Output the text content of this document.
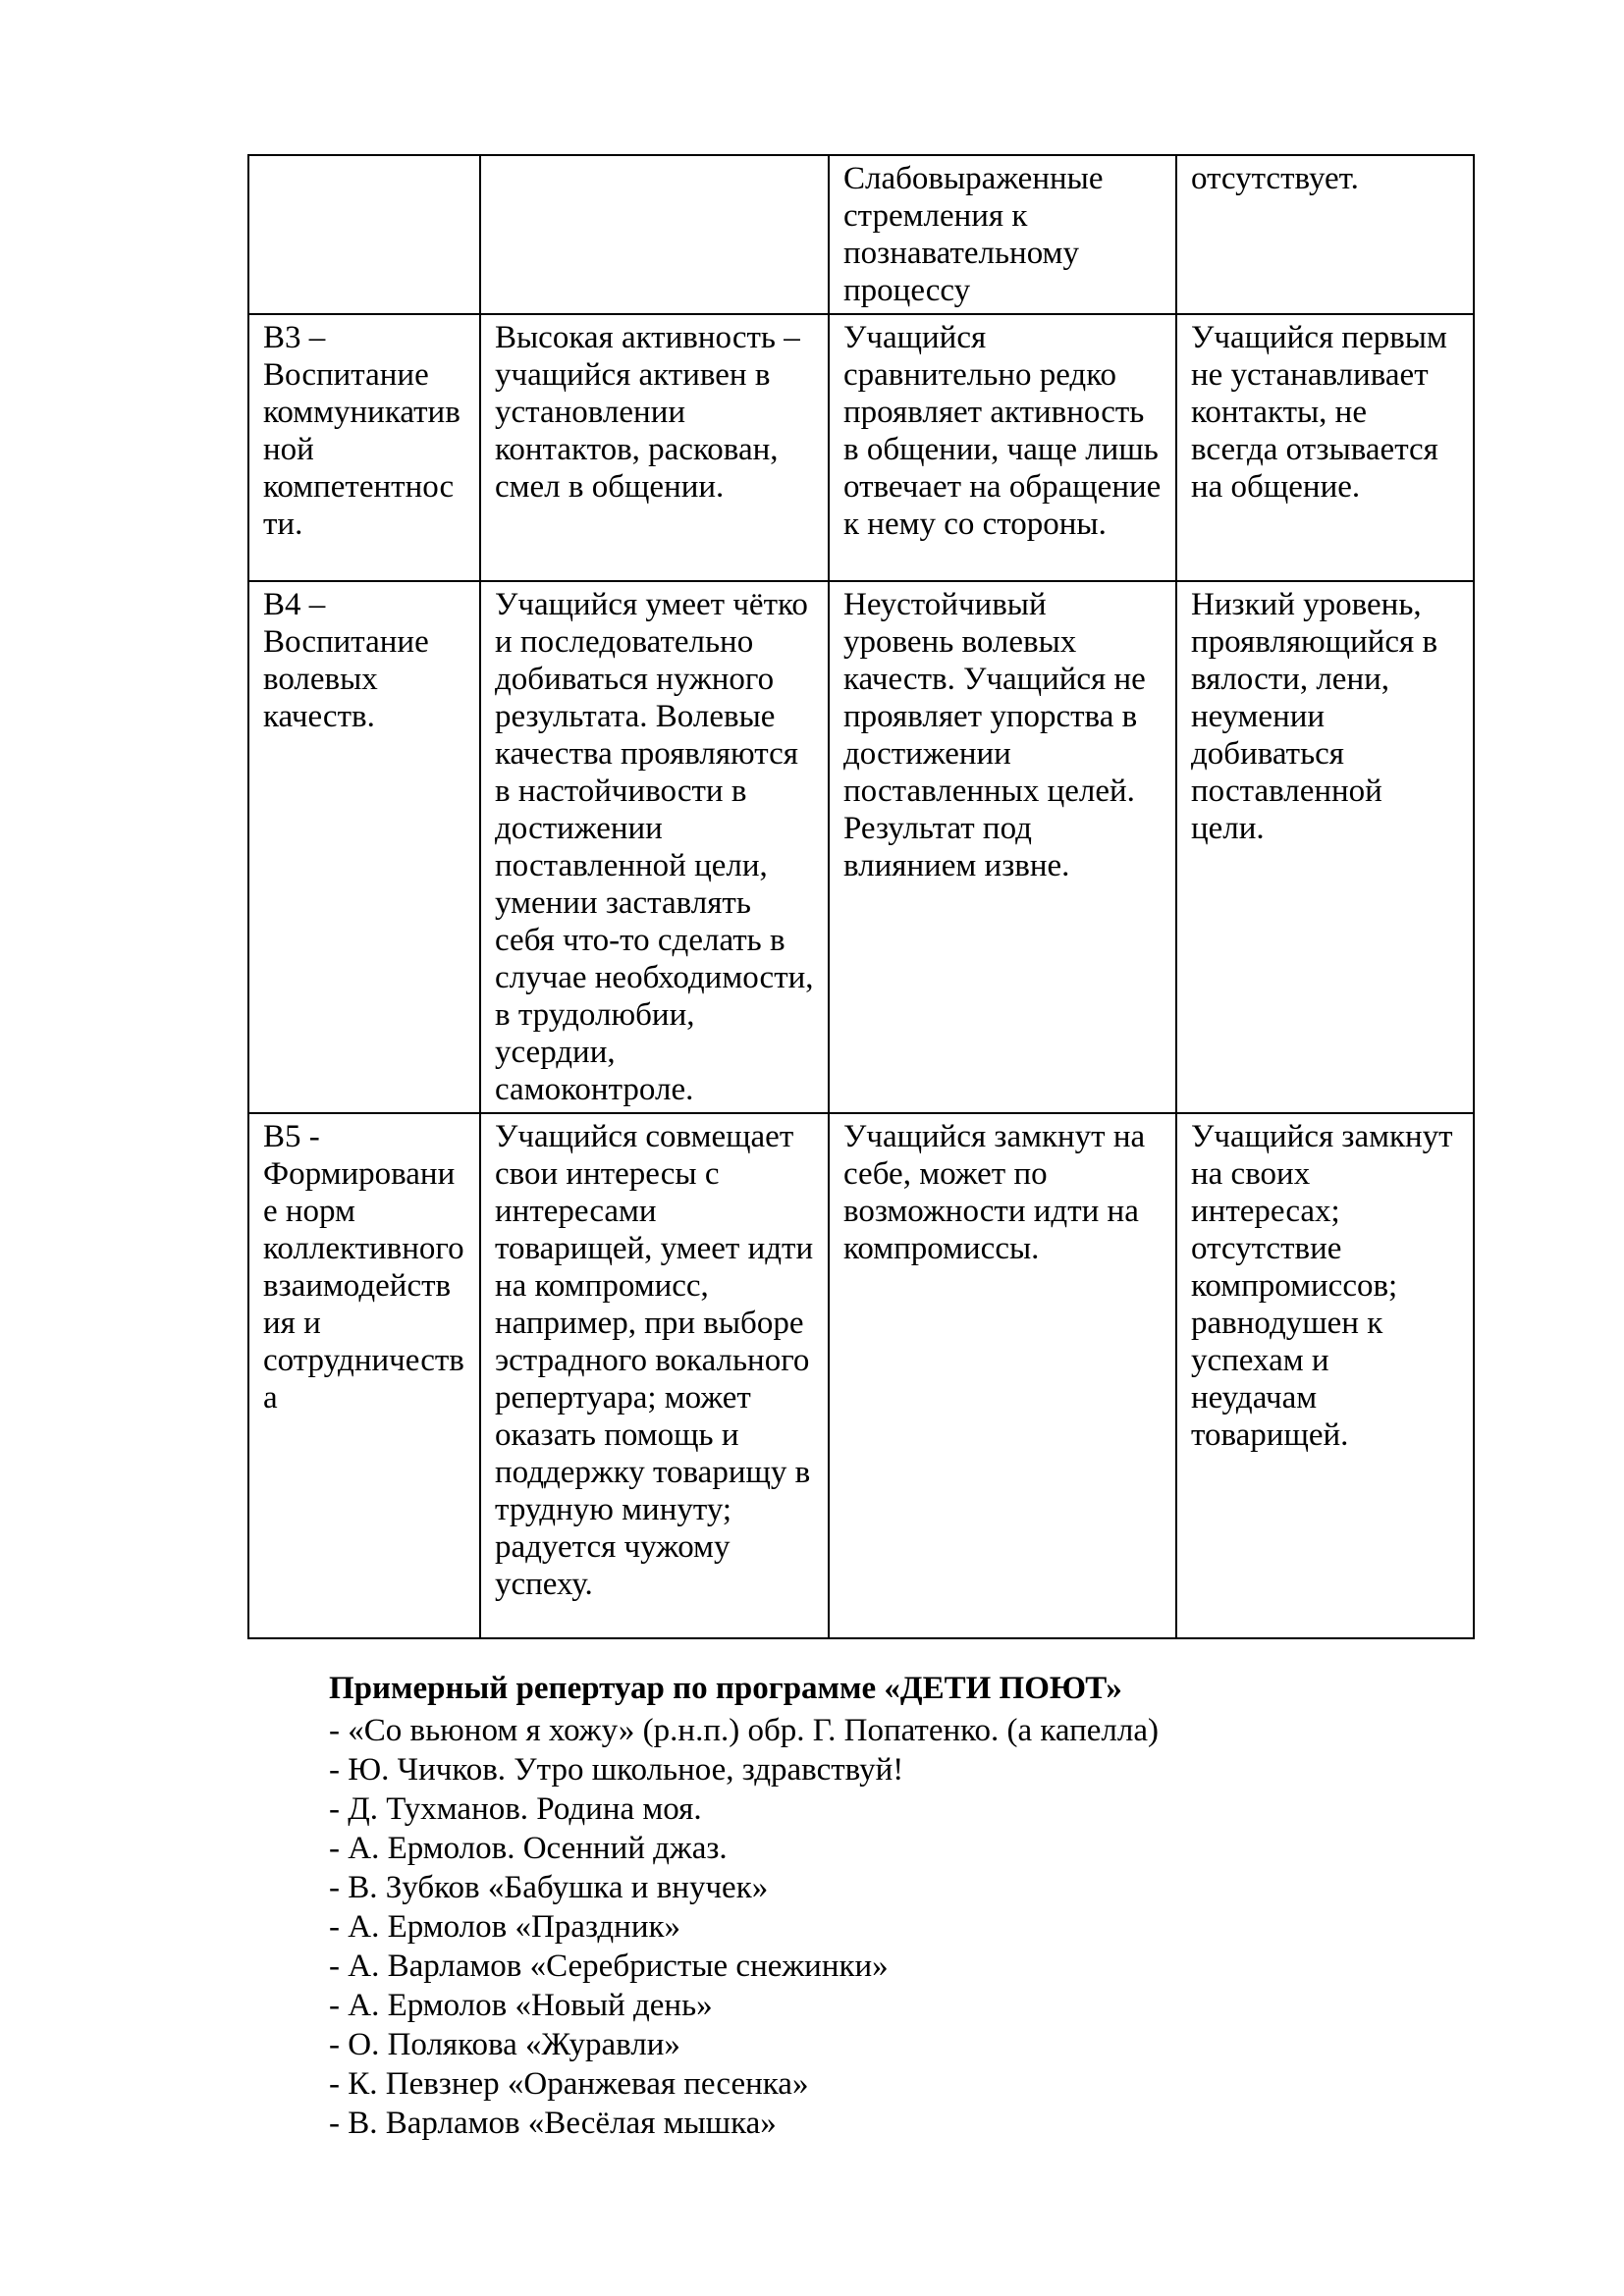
		Слабовыраженные стремления к познавательному процессу	отсутствует.
В3 – Воспитание коммуникативной компетентности.	Высокая активность – учащийся активен в установлении контактов, раскован, смел в общении.	Учащийся сравнительно редко проявляет активность в общении, чаще лишь отвечает на обращение к нему со стороны.	Учащийся первым не устанавливает контакты, не всегда отзывается на общение.
В4 – Воспитание волевых качеств.	Учащийся умеет чётко и последовательно добиваться нужного результата. Волевые качества проявляются в настойчивости в достижении поставленной цели, умении заставлять себя что-то сделать в случае необходимости, в трудолюбии, усердии, самоконтроле.	Неустойчивый уровень волевых качеств. Учащийся не проявляет упорства в достижении поставленных целей. Результат под влиянием извне.	Низкий уровень, проявляющийся в вялости, лени, неумении добиваться поставленной цели.
В5 - Формирование норм коллективного взаимодействия и сотрудничества	Учащийся совмещает свои интересы с интересами товарищей, умеет идти на компромисс, например, при выборе эстрадного вокального репертуара; может оказать помощь и поддержку товарищу в трудную минуту; радуется чужому успеху.	Учащийся замкнут на себе, может по возможности идти на компромиссы.	Учащийся замкнут на своих интересах; отсутствие компромиссов; равнодушен к успехам и неудачам товарищей.
Примерный репертуар по программе «ДЕТИ ПОЮТ»
- «Со вьюном я хожу» (р.н.п.) обр. Г. Попатенко. (а капелла)
- Ю. Чичков. Утро школьное, здравствуй!
- Д. Тухманов. Родина моя.
- А. Ермолов. Осенний джаз.
- В. Зубков «Бабушка и внучек»
- А. Ермолов «Праздник»
- А. Варламов «Серебристые снежинки»
- А. Ермолов «Новый день»
- О. Полякова «Журавли»
- К. Певзнер «Оранжевая песенка»
- В. Варламов «Весёлая мышка»
